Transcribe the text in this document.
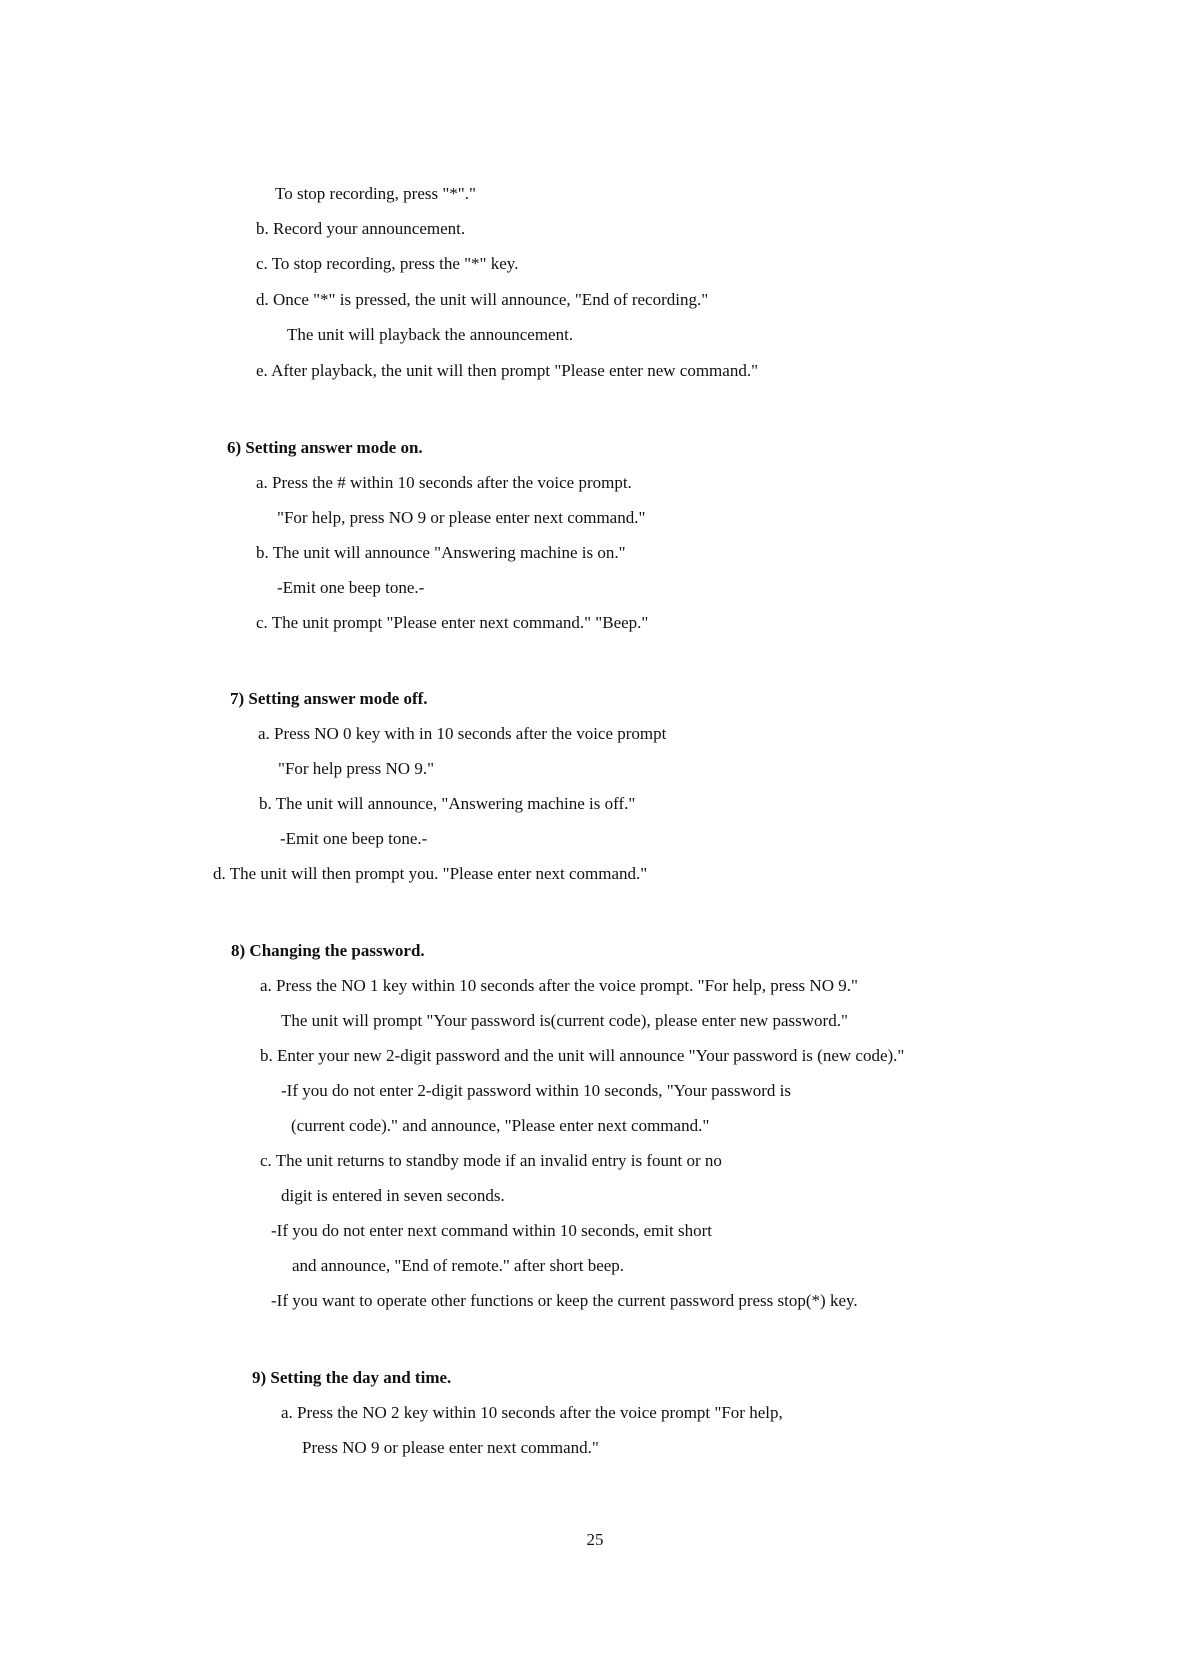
To stop recording, press "*"."
b. Record your announcement.
c. To stop recording, press the "*" key.
d. Once "*" is pressed, the unit will announce, "End of recording."
The unit will playback the announcement.
e. After playback, the unit will then prompt "Please enter new command."
6) Setting answer mode on.
a. Press the # within 10 seconds after the voice prompt.
"For help, press NO 9 or please enter next command."
b. The unit will announce "Answering machine is on."
-Emit one beep tone.-
c. The unit prompt "Please enter next command." "Beep."
7) Setting answer mode off.
a. Press NO 0 key with in 10 seconds after the voice prompt
"For help press NO 9."
b. The unit will announce, "Answering machine is off."
-Emit one beep tone.-
d. The unit will then prompt you. "Please enter next command."
8) Changing the password.
a. Press the NO 1 key within 10 seconds after the voice prompt. "For help, press NO 9."
The unit will prompt "Your password is(current code), please enter new password."
b. Enter your new 2-digit password and the unit will announce "Your password is (new code)."
-If you do not enter 2-digit password within 10 seconds, "Your password is
(current code)." and announce, "Please enter next command."
c. The unit returns to standby mode if an invalid entry is fount or no
digit is entered in seven seconds.
-If you do not enter next command within 10 seconds, emit short
and announce, "End of remote." after short beep.
-If you want to operate other functions or keep the current password press stop(*) key.
9) Setting the day and time.
a. Press the NO 2 key within 10 seconds after the voice prompt "For help,
Press NO 9 or please enter next command."
25
